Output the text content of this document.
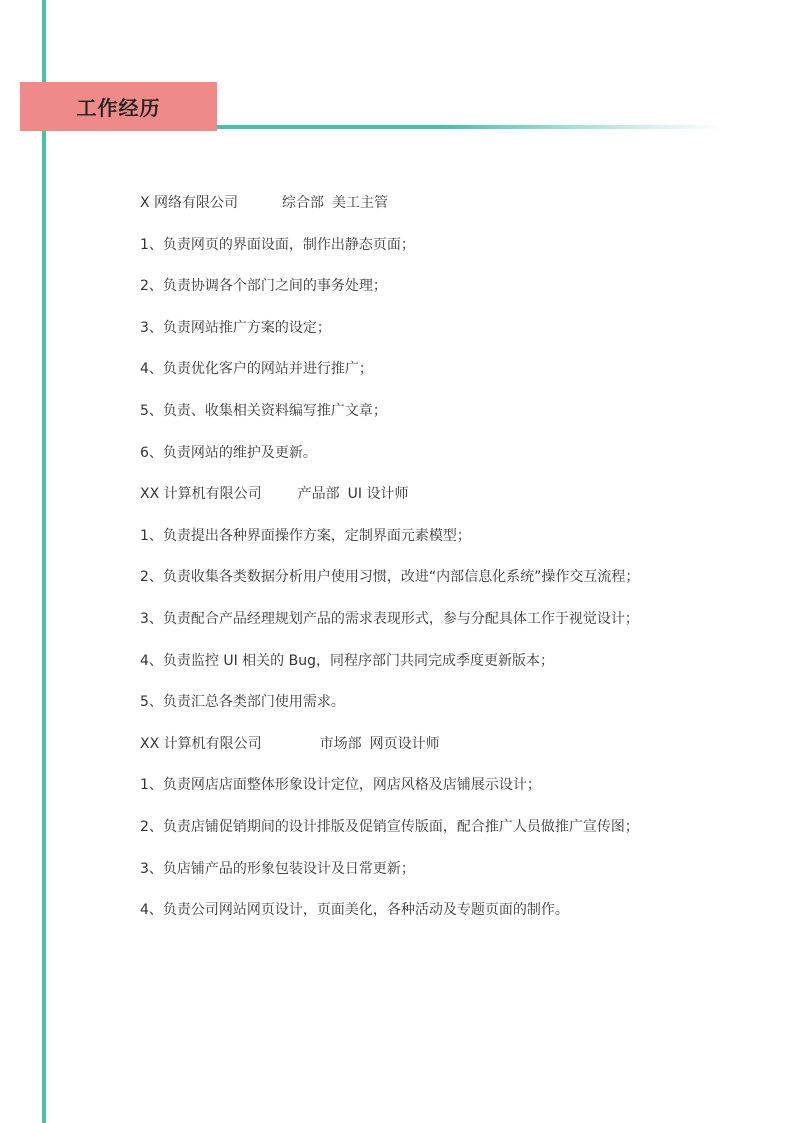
工作经历
X 网络有限公司	综合部 美工主管
1、负责网页的界面设面，制作出静态页面；
2、负责协调各个部门之间的事务处理；
3、负责网站推广方案的设定；
4、负责优化客户的网站并进行推广；
5、负责、收集相关资料编写推广文章；
6、负责网站的维护及更新。
XX 计算机有限公司	产品部 UI 设计师
1、负责提出各种界面操作方案，定制界面元素模型；
2、负责收集各类数据分析用户使用习惯，改进“内部信息化系统”操作交互流程；
3、负责配合产品经理规划产品的需求表现形式，参与分配具体工作于视觉设计；
4、负责监控 UI 相关的 Bug，同程序部门共同完成季度更新版本；
5、负责汇总各类部门使用需求。
XX 计算机有限公司	市场部 网页设计师
1、负责网店店面整体形象设计定位，网店风格及店铺展示设计；
2、负责店铺促销期间的设计排版及促销宣传版面，配合推广人员做推广宣传图；
3、负店铺产品的形象包装设计及日常更新；
4、负责公司网站网页设计，页面美化，各种活动及专题页面的制作。
